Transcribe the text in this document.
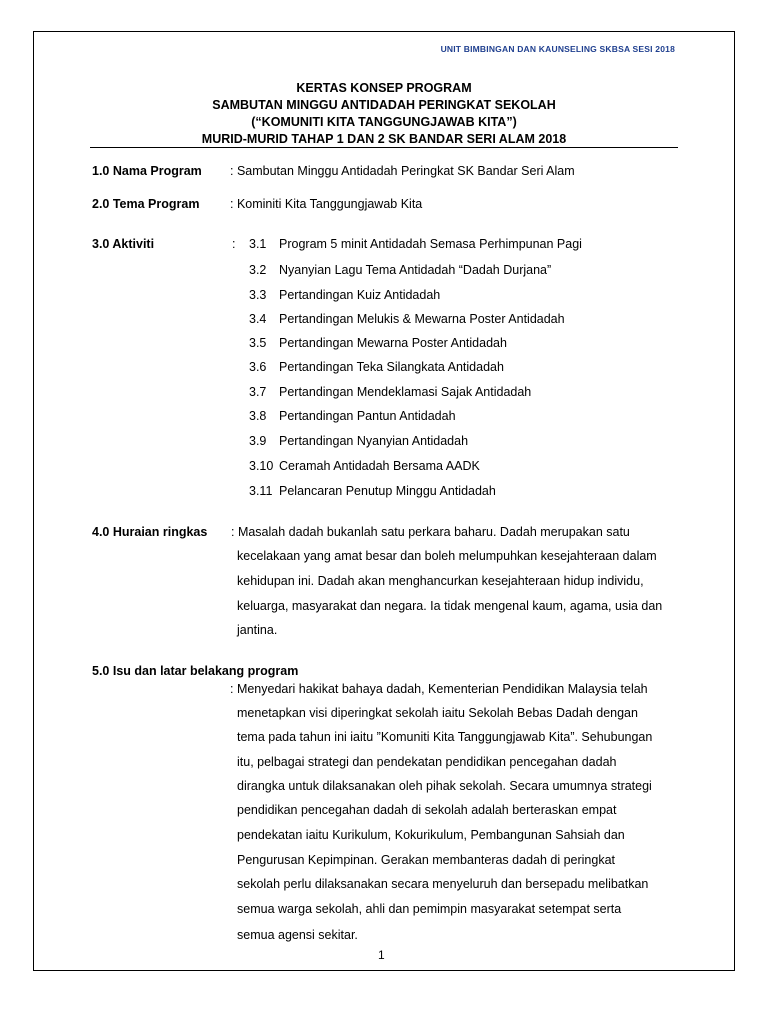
UNIT BIMBINGAN DAN KAUNSELING SKBSA SESI 2018
KERTAS KONSEP PROGRAM
SAMBUTAN MINGGU ANTIDADAH PERINGKAT SEKOLAH
(“KOMUNITI KITA TANGGUNGJAWAB KITA”)
MURID-MURID TAHAP 1 DAN 2 SK BANDAR SERI ALAM 2018
1.0 Nama Program : Sambutan Minggu Antidadah Peringkat SK Bandar Seri Alam
2.0 Tema Program : Kominiti Kita Tanggungjawab Kita
3.0 Aktiviti	: 3.1 Program 5 minit Antidadah Semasa Perhimpunan Pagi
3.2 Nyanyian Lagu Tema Antidadah “Dadah Durjana”
3.3 Pertandingan Kuiz Antidadah
3.4 Pertandingan Melukis & Mewarna Poster Antidadah
3.5 Pertandingan Mewarna Poster Antidadah
3.6 Pertandingan Teka Silangkata Antidadah
3.7 Pertandingan Mendeklamasi Sajak Antidadah
3.8 Pertandingan Pantun Antidadah
3.9 Pertandingan Nyanyian Antidadah
3.10 Ceramah Antidadah Bersama AADK
3.11 Pelancaran Penutup Minggu Antidadah
4.0 Huraian ringkas : Masalah dadah bukanlah satu perkara baharu. Dadah merupakan satu
kecelakaan yang amat besar dan boleh melumpuhkan kesejahteraan dalam
kehidupan ini. Dadah akan menghancurkan kesejahteraan hidup individu,
keluarga, masyarakat dan negara. Ia tidak mengenal kaum, agama, usia dan
jantina.
5.0 Isu dan latar belakang program
: Menyedari hakikat bahaya dadah, Kementerian Pendidikan Malaysia telah
menetapkan visi diperingkat sekolah iaitu Sekolah Bebas Dadah dengan
tema pada tahun ini iaitu ”Komuniti Kita Tanggungjawab Kita”. Sehubungan
itu, pelbagai strategi dan pendekatan pendidikan pencegahan dadah
dirangka untuk dilaksanakan oleh pihak sekolah. Secara umumnya strategi
pendidikan pencegahan dadah di sekolah adalah berteraskan empat
pendekatan iaitu Kurikulum, Kokurikulum, Pembangunan Sahsiah dan
Pengurusan Kepimpinan. Gerakan membanteras dadah di peringkat
sekolah perlu dilaksanakan secara menyeluruh dan bersepadu melibatkan
semua warga sekolah, ahli dan pemimpin masyarakat setempat serta
semua agensi sekitar.
1
